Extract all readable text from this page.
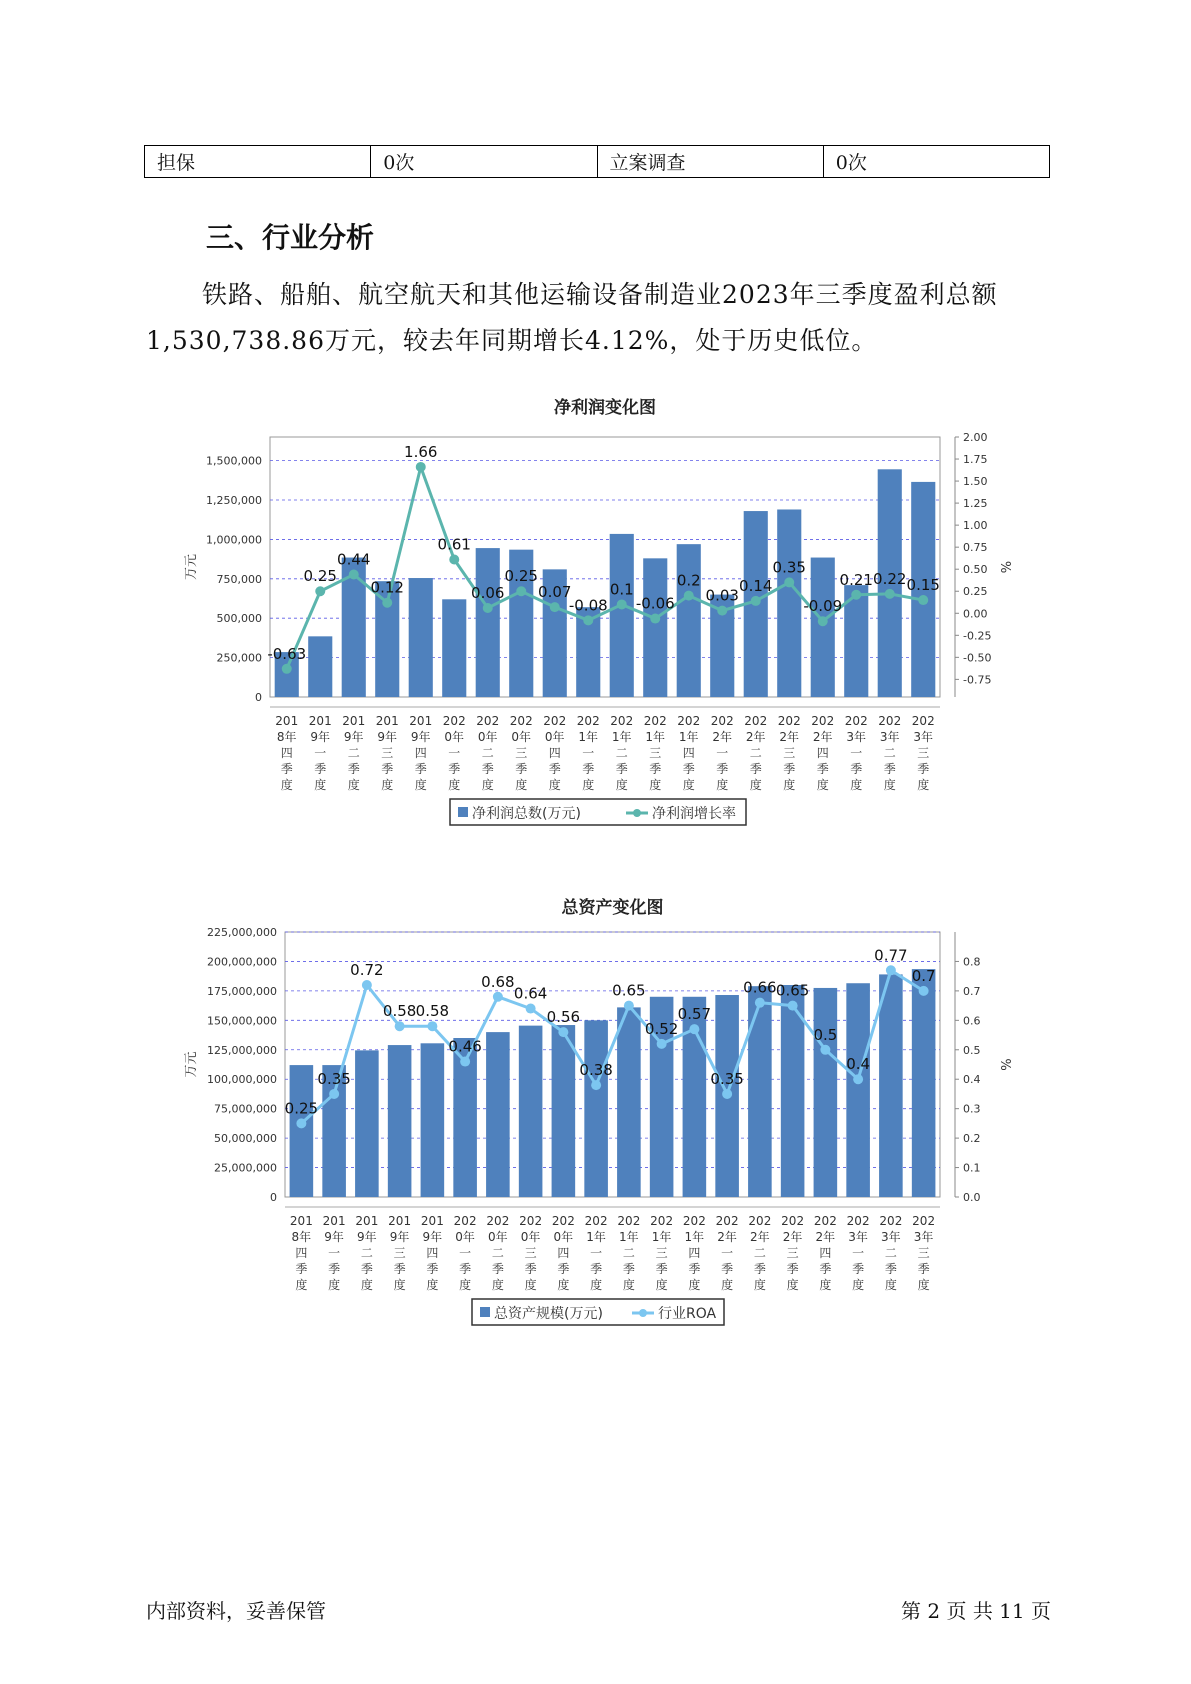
担保	0次	立案调查	0次
三、行业分析

铁路、船舶、航空航天和其他运输设备制造业2023年三季度盈利总额1,530,738.86万元，较去年同期增长4.12%，处于历史低位。

净利润变化图
0
250,000
500,000
750,000
1,000,000
1,250,000
1,500,000
-0.75
-0.50
-0.25
0.00
0.25
0.50
0.75
1.00
1.25
1.50
1.75
2.00
万元	%
201 8年四季度
201 9年一季度
201 9年二季度
201 9年三季度
201 9年四季度
202 0年一季度
202 0年二季度
202 0年三季度
202 0年四季度
202 1年一季度
202 1年二季度
202 1年三季度
202 1年四季度
202 2年一季度
202 2年二季度
202 2年三季度
202 2年四季度
202 3年一季度
202 3年二季度
202 3年三季度
-0.63
0.25
0.44
0.12
1.66
0.61
0.06
0.25
0.07
-0.08
0.1
-0.06
0.2
0.03
0.14
0.35
-0.09
0.21 0.22 0.15
净利润总数(万元)	净利润增长率
总资产变化图
0
25,000,000
50,000,000
75,000,000
100,000,000
125,000,000
150,000,000
175,000,000
200,000,000
225,000,000
0.0
0.1
0.2
0.3
0.4
0.5
0.6
0.7
0.8
万元	%
201 8年四季度
201 9年一季度
201 9年二季度
201 9年三季度
201 9年四季度
202 0年一季度
202 0年二季度
202 0年三季度
202 0年四季度
202 1年一季度
202 1年二季度
202 1年三季度
202 1年四季度
202 2年一季度
202 2年二季度
202 2年三季度
202 2年四季度
202 3年一季度
202 3年二季度
202 3年三季度
0.25
0.35
0.72
0.58 0.58
0.46
0.68
0.64
0.56
0.38
0.65
0.52
0.57
0.35
0.66 0.65
0.5
0.4
0.77
0.7
总资产规模(万元)	行业ROA
内部资料，妥善保管	第 2 页 共 11 页
